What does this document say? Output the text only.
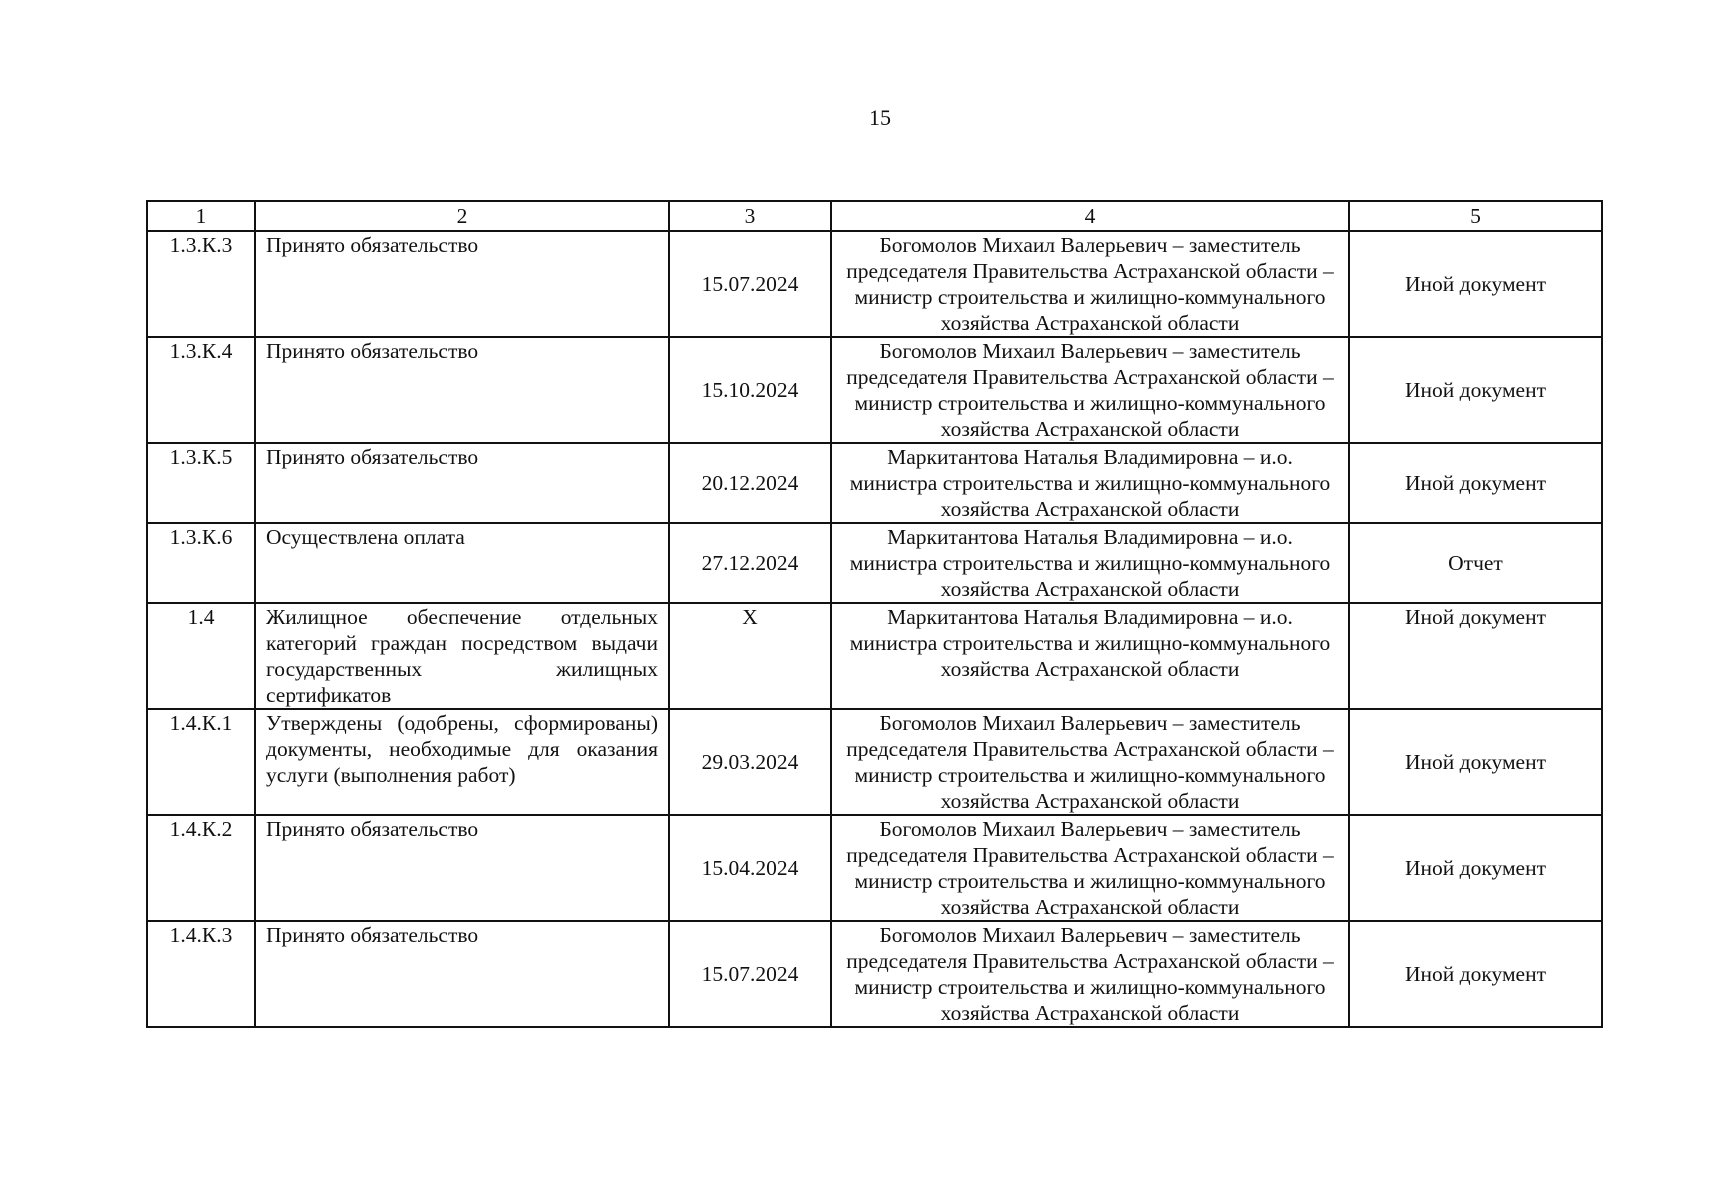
15
1	2	3	4	5
1.3.К.3	Принято обязательство	15.07.2024	Богомолов Михаил Валерьевич – заместитель председателя Правительства Астраханской области – министр строительства и жилищно-коммунального хозяйства Астраханской области	Иной документ
1.3.К.4	Принято обязательство	15.10.2024	Богомолов Михаил Валерьевич – заместитель председателя Правительства Астраханской области – министр строительства и жилищно-коммунального хозяйства Астраханской области	Иной документ
1.3.К.5	Принято обязательство	20.12.2024	Маркитантова Наталья Владимировна – и.о. министра строительства и жилищно-коммунального хозяйства Астраханской области	Иной документ
1.3.К.6	Осуществлена оплата	27.12.2024	Маркитантова Наталья Владимировна – и.о. министра строительства и жилищно-коммунального хозяйства Астраханской области	Отчет
1.4	Жилищное обеспечение отдельных категорий граждан посредством выдачи государственных жилищных сертификатов	Х	Маркитантова Наталья Владимировна – и.о. министра строительства и жилищно-коммунального хозяйства Астраханской области	Иной документ
1.4.К.1	Утверждены (одобрены, сформированы) документы, необходимые для оказания услуги (выполнения работ)	29.03.2024	Богомолов Михаил Валерьевич – заместитель председателя Правительства Астраханской области – министр строительства и жилищно-коммунального хозяйства Астраханской области	Иной документ
1.4.К.2	Принято обязательство	15.04.2024	Богомолов Михаил Валерьевич – заместитель председателя Правительства Астраханской области – министр строительства и жилищно-коммунального хозяйства Астраханской области	Иной документ
1.4.К.3	Принято обязательство	15.07.2024	Богомолов Михаил Валерьевич – заместитель председателя Правительства Астраханской области – министр строительства и жилищно-коммунального хозяйства Астраханской области	Иной документ
